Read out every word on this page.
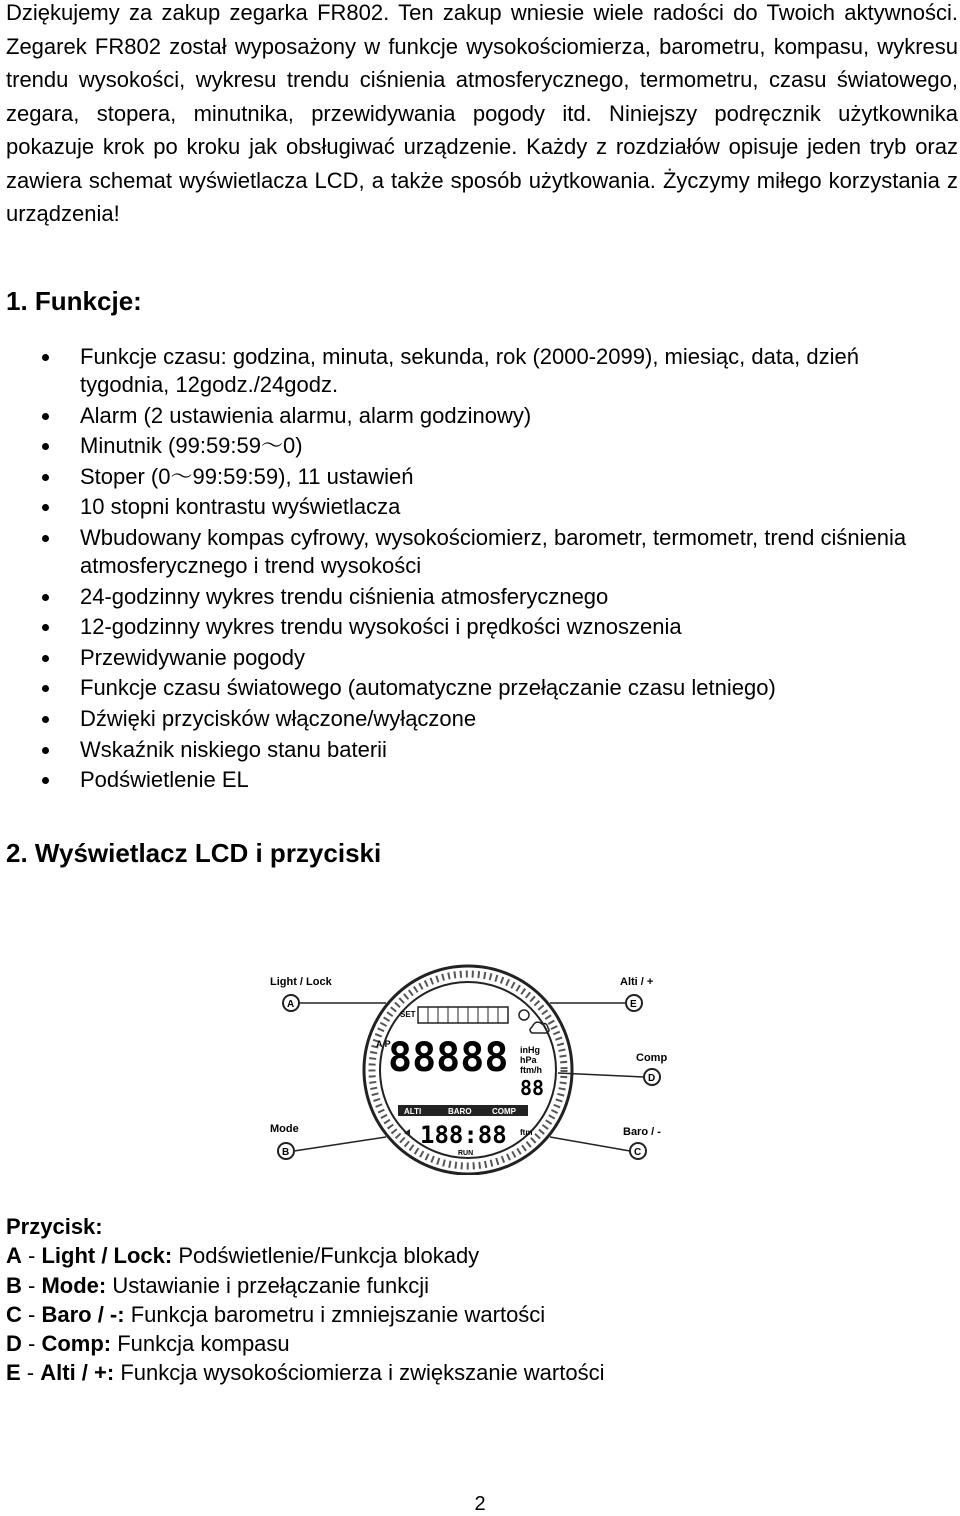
Dziękujemy za zakup zegarka FR802. Ten zakup wniesie wiele radości do Twoich aktywności. Zegarek FR802 został wyposażony w funkcje wysokościomierza, barometru, kompasu, wykresu trendu wysokości, wykresu trendu ciśnienia atmosferycznego, termometru, czasu światowego, zegara, stopera, minutnika, przewidywania pogody itd. Niniejszy podręcznik użytkownika pokazuje krok po kroku jak obsługiwać urządzenie. Każdy z rozdziałów opisuje jeden tryb oraz zawiera schemat wyświetlacza LCD, a także sposób użytkowania. Życzymy miłego korzystania z urządzenia!

1. Funkcje:
Funkcje czasu: godzina, minuta, sekunda, rok (2000-2099), miesiąc, data, dzień tygodnia, 12godz./24godz.
Alarm (2 ustawienia alarmu, alarm godzinowy)
Minutnik (99:59:59～0)
Stoper (0～99:59:59), 11 ustawień
10 stopni kontrastu wyświetlacza
Wbudowany kompas cyfrowy, wysokościomierz, barometr, termometr, trend ciśnienia atmosferycznego i trend wysokości
24-godzinny wykres trendu ciśnienia atmosferycznego
12-godzinny wykres trendu wysokości i prędkości wznoszenia
Przewidywanie pogody
Funkcje czasu światowego (automatyczne przełączanie czasu letniego)
Dźwięki przycisków włączone/wyłączone
Wskaźnik niskiego stanu baterii
Podświetlenie EL
2. Wyświetlacz LCD i przyciski
SET
A P
88888 inHg
hPa
ftm/h
88
ALTI	BARO	COMP
188:88 ftm
RUN
Light / Lock
A
Mode
B
Baro / -
C
Comp
D
Alti / +
E
Przycisk:
A - Light / Lock: Podświetlenie/Funkcja blokady
B - Mode: Ustawianie i przełączanie funkcji
C - Baro / -: Funkcja barometru i zmniejszanie wartości
D - Comp: Funkcja kompasu
E - Alti / +: Funkcja wysokościomierza i zwiększanie wartości
2
